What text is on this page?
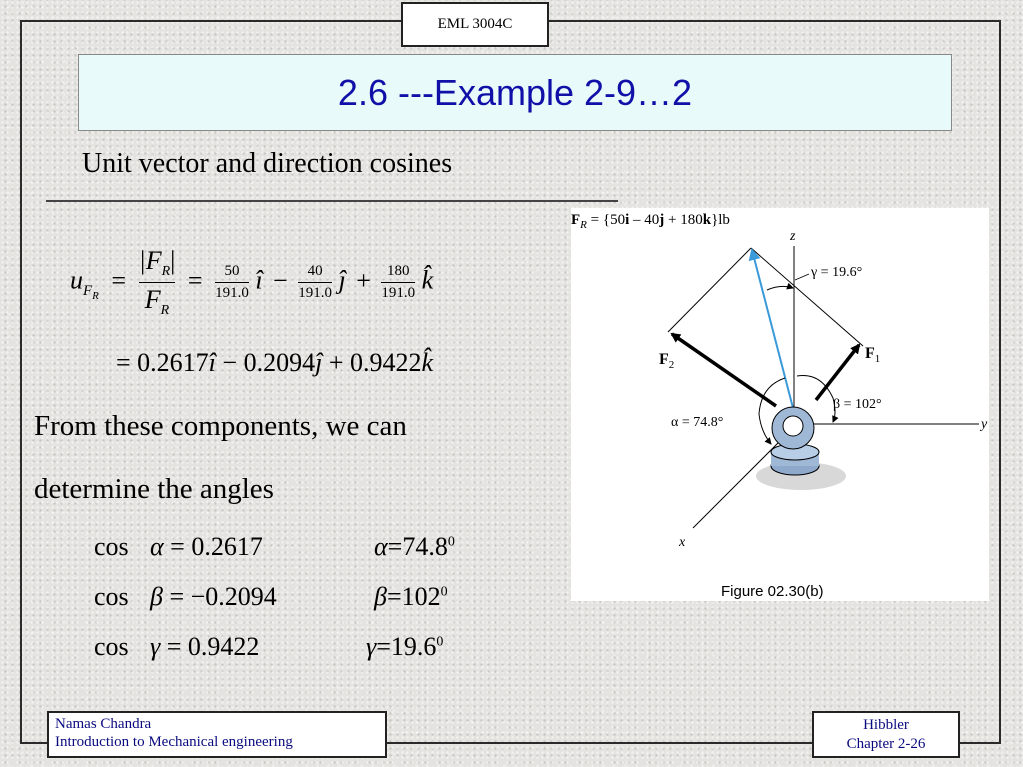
EML 3004C
2.6 ---Example 2-9…2
Unit vector and direction cosines
$u_{F_R} = \frac{|F_R|}{F_R} = \frac{50}{191.0}$ î − $\frac{40}{191.0}$ ĵ + $\frac{180}{191.0}$ k̂
= 0.2617î − 0.2094ĵ + 0.9422k̂
From these components, we can
determine the angles
cos α = 0.2617	$\alpha=74.8^0$
cos β = −0.2094	$\beta=102^0$
cos γ = 0.9422	$\gamma=19.6^0$
$F_R = \{50i - 40j + 180k\}lb$
z
y
x
$F_2$
$F_1$
γ = 19.6°
β = 102°
α = 74.8°
Figure 02.30(b)
Namas Chandra
Introduction to Mechanical engineering
Hibbler
Chapter 2-26
